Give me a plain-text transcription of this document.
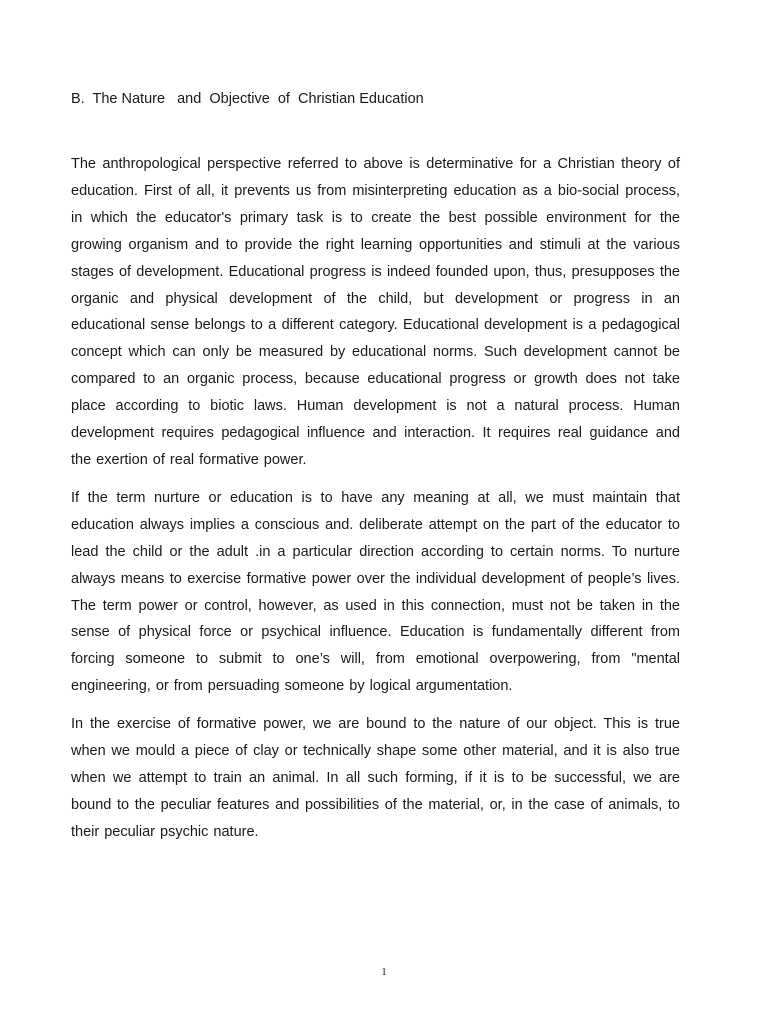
B.  The Nature   and  Objective  of  Christian Education

The anthropological perspective referred to above is determinative for a Christian theory of education. First of all, it prevents us from misinterpreting education as a bio-social process, in which the educator's primary task is to create the best possible environment for the growing organism and to provide the right learning opportunities and stimuli at the various stages of development. Educational progress is indeed founded upon, thus, presupposes the organic and physical development of the child, but development or progress in an educational sense belongs to a different category. Educational development is a pedagogical concept which can only be measured by educational norms. Such development cannot be compared to an organic process, because educational progress or growth does not take place according to biotic laws. Human development is not a natural process. Human development requires pedagogical influence and interaction. It requires real guidance and the exertion of real formative power.

If the term nurture or education is to have any meaning at all, we must maintain that education always implies a conscious and. deliberate attempt on the part of the educator to lead the child or the adult .in a particular direction according to certain norms. To nurture always means to exercise formative power over the individual development of people’s lives. The term power or control, however, as used in this connection, must not be taken in the sense of physical force or psychical influence. Education is fundamentally different from forcing someone to submit to one’s will, from emotional overpowering, from "mental engineering, or from persuading someone by logical argumentation.

In the exercise of formative power, we are bound to the nature of our object. This is true when we mould a piece of clay or technically shape some other material, and it is also true when we attempt to train an animal. In all such forming, if it is to be successful, we are bound to the peculiar features and possibilities of the material, or, in the case of animals, to their peculiar psychic nature.

1
